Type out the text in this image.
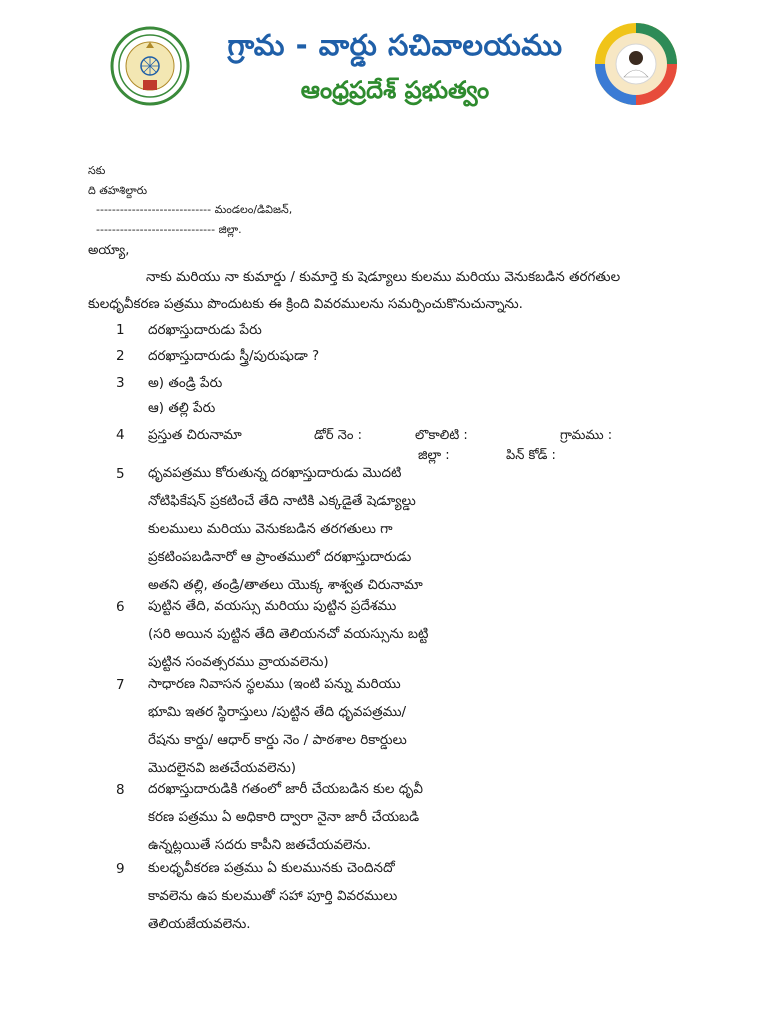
గ్రామ - వార్డు సచివాలయము
ఆంధ్రప్రదేశ్ ప్రభుత్వం
సకు
ది తహశిల్దారు
----------------------------- మండలం/డివిజన్,
------------------------------ జిల్లా.
అయ్యా,
నాకు మరియు నా కుమార్డు / కుమార్తె కు షెడ్యూలు కులము మరియు వెనుకబడిన తరగతుల
కులధృవీకరణ పత్రము పొందుటకు ఈ క్రింది వివరములను సమర్పించుకొనుచున్నాను.
1 దరఖాస్తుదారుడు పేరు
2 దరఖాస్తుదారుడు స్త్రీ/పురుషుడా ?
3 అ) తండ్రి పేరు
ఆ) తల్లి పేరు
4 ప్రస్తుత చిరునామా	డోర్ నెం :	లొకాలిటి :	గ్రామము :
జిల్లా :	పిన్ కోడ్ :
5 ధృవపత్రము కోరుతున్న దరఖాస్తుదారుడు మొదటి
నోటిఫికేషన్ ప్రకటించే తేది నాటికి ఎక్కడైతే షెడ్యూల్డు
కులములు మరియు వెనుకబడిన తరగతులు గా
ప్రకటింపబడినారో ఆ ప్రాంతములో దరఖాస్తుదారుడు
అతని తల్లి, తండ్రి/తాతలు యొక్క శాశ్వత చిరునామా
6 పుట్టిన తేది, వయస్సు మరియు పుట్టిన ప్రదేశము
(సరి అయిన పుట్టిన తేది తెలియనచో వయస్సును బట్టి
పుట్టిన సంవత్సరము వ్రాయవలెను)
7 సాధారణ నివాసన స్థలము (ఇంటి పన్ను మరియు
భూమి ఇతర స్థిరాస్తులు /పుట్టిన తేది ధృవపత్రము/
రేషను కార్డు/ ఆధార్ కార్డు నెం / పాఠశాల రికార్డులు
మొదలైనవి జతచేయవలెను)
8 దరఖాస్తుదారుడికి గతంలో జారీ చేయబడిన కుల ధృవీ
కరణ పత్రము ఏ అధికారి ద్వారా నైనా జారీ చేయబడి
ఉన్నట్లయితే సదరు కాపీని జతచేయవలెను.
9 కులధృవీకరణ పత్రము ఏ కులమునకు చెందినదో
కావలెను ఉప కులముతో సహా పూర్తి వివరములు
తెలియజేయవలెను.
